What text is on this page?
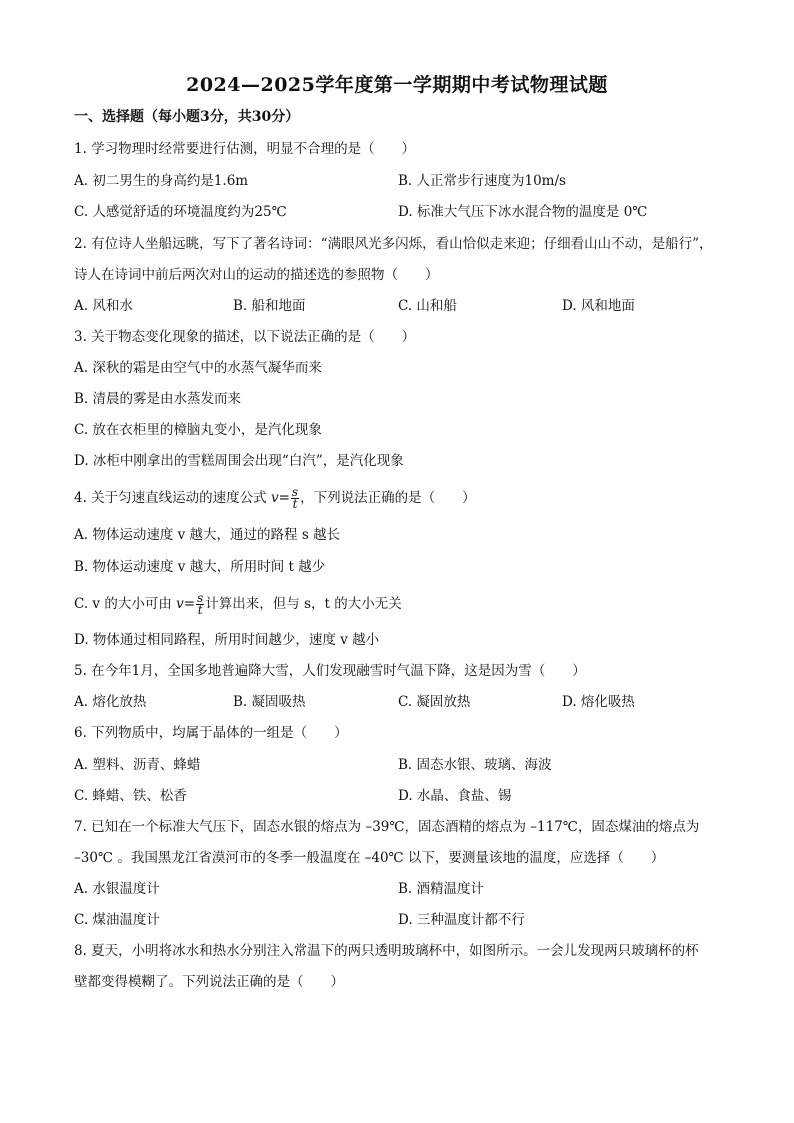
2024—2025学年度第一学期期中考试物理试题
一、选择题（每小题3分，共30分）
1. 学习物理时经常要进行估测，明显不合理的是（　　）
A. 初二男生的身高约是1.6m	B. 人正常步行速度为10m/s
C. 人感觉舒适的环境温度约为25℃	D. 标准大气压下冰水混合物的温度是 0℃
2. 有位诗人坐船远眺，写下了著名诗词：“满眼风光多闪烁，看山恰似走来迎；仔细看山山不动，是船行”，
诗人在诗词中前后两次对山的运动的描述选的参照物（　　）
A. 风和水	B. 船和地面	C. 山和船	D. 风和地面
3. 关于物态变化现象的描述，以下说法正确的是（　　）
A. 深秋的霜是由空气中的水蒸气凝华而来
B. 清晨的雾是由水蒸发而来
C. 放在衣柜里的樟脑丸变小，是汽化现象
D. 冰柜中刚拿出的雪糕周围会出现“白汽”，是汽化现象
4. 关于匀速直线运动的速度公式 $v= \frac{s}{t}$ ，下列说法正确的是（　　）
A. 物体运动速度 v 越大，通过的路程 s 越长
B. 物体运动速度 v 越大，所用时间 t 越少
C. v 的大小可由 $v= \frac{s}{t}$ 计算出来，但与 s，t 的大小无关
D. 物体通过相同路程，所用时间越少，速度 v 越小
5. 在今年1月，全国多地普遍降大雪，人们发现融雪时气温下降，这是因为雪（　　）
A. 熔化放热	B. 凝固吸热	C. 凝固放热	D. 熔化吸热
6. 下列物质中，均属于晶体的一组是（　　）
A. 塑料、沥青、蜂蜡	B. 固态水银、玻璃、海波
C. 蜂蜡、铁、松香	D. 水晶、食盐、锡
7. 已知在一个标准大气压下，固态水银的熔点为 –39℃，固态酒精的熔点为 –117℃，固态煤油的熔点为
–30℃ 。我国黑龙江省漠河市的冬季一般温度在 –40℃ 以下，要测量该地的温度，应选择（　　）
A. 水银温度计	B. 酒精温度计
C. 煤油温度计	D. 三种温度计都不行
8. 夏天，小明将冰水和热水分别注入常温下的两只透明玻璃杯中，如图所示。一会儿发现两只玻璃杯的杯
壁都变得模糊了。下列说法正确的是（　　）
